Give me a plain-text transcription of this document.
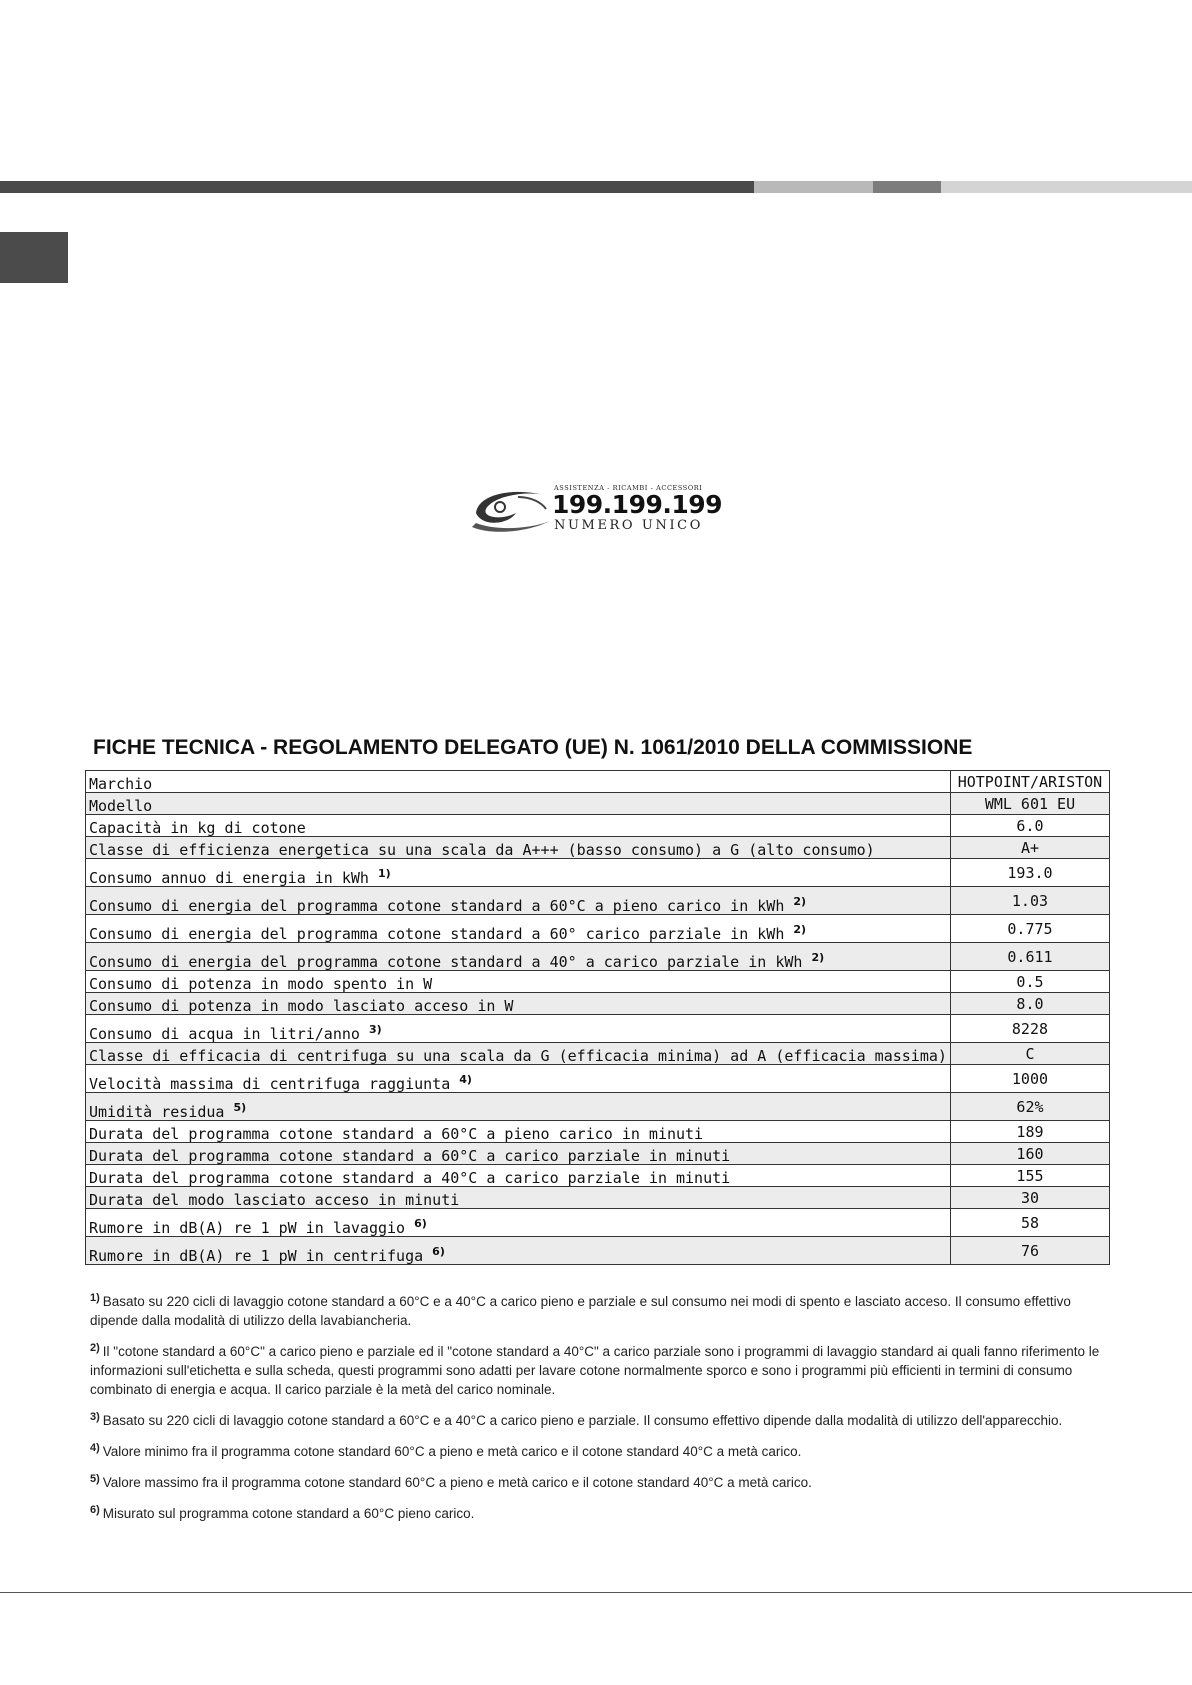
ASSISTENZA - RICAMBI - ACCESSORI
199.199.199
NUMERO UNICO
FICHE TECNICA - REGOLAMENTO DELEGATO (UE) N. 1061/2010 DELLA COMMISSIONE
Marchio	HOTPOINT/ARISTON
Modello	WML 601 EU
Capacità in kg di cotone	6.0
Classe di efficienza energetica su una scala da A+++ (basso consumo) a G (alto consumo)	A+
Consumo annuo di energia in kWh $^{1)}$	193.0
Consumo di energia del programma cotone standard a 60°C a pieno carico in kWh $^{2)}$	1.03
Consumo di energia del programma cotone standard a 60° carico parziale in kWh $^{2)}$	0.775
Consumo di energia del programma cotone standard a 40° a carico parziale in kWh $^{2)}$	0.611
Consumo di potenza in modo spento in W	0.5
Consumo di potenza in modo lasciato acceso in W	8.0
Consumo di acqua in litri/anno $^{3)}$	8228
Classe di efficacia di centrifuga su una scala da G (efficacia minima) ad A (efficacia massima)	C
Velocità massima di centrifuga raggiunta $^{4)}$	1000
Umidità residua $^{5)}$	62%
Durata del programma cotone standard a 60°C a pieno carico in minuti	189
Durata del programma cotone standard a 60°C a carico parziale in minuti	160
Durata del programma cotone standard a 40°C a carico parziale in minuti	155
Durata del modo lasciato acceso in minuti	30
Rumore in dB(A) re 1 pW in lavaggio $^{6)}$	58
Rumore in dB(A) re 1 pW in centrifuga $^{6)}$	76

$^{1)}$ Basato su 220 cicli di lavaggio cotone standard a 60°C e a 40°C a carico pieno e parziale e sul consumo nei modi di spento e lasciato acceso. Il consumo effettivo dipende dalla modalità di utilizzo della lavabiancheria.

$^{2)}$ Il "cotone standard a 60°C" a carico pieno e parziale ed il "cotone standard a 40°C" a carico parziale sono i programmi di lavaggio standard ai quali fanno riferimento le informazioni sull'etichetta e sulla scheda, questi programmi sono adatti per lavare cotone normalmente sporco e sono i programmi più efficienti in termini di consumo combinato di energia e acqua. Il carico parziale è la metà del carico nominale.

$^{3)}$ Basato su 220 cicli di lavaggio cotone standard a 60°C e a 40°C a carico pieno e parziale. Il consumo effettivo dipende dalla modalità di utilizzo dell'apparecchio.

$^{4)}$ Valore minimo fra il programma cotone standard 60°C a pieno e metà carico e il cotone standard 40°C a metà carico.

$^{5)}$ Valore massimo fra il programma cotone standard 60°C a pieno e metà carico e il cotone standard 40°C a metà carico.

$^{6)}$ Misurato sul programma cotone standard a 60°C pieno carico.
